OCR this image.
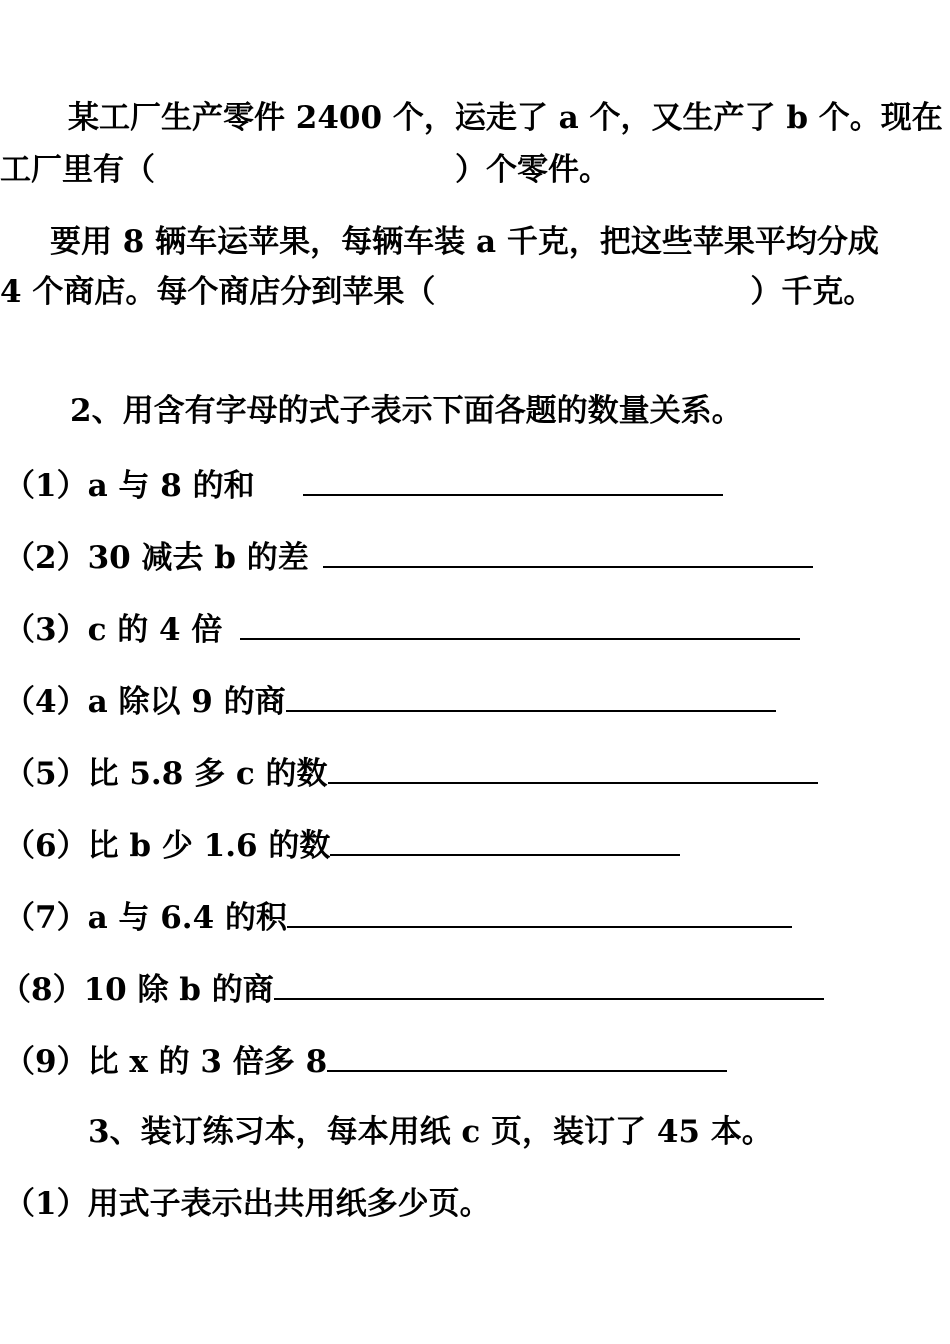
某工厂生产零件 2400 个，运走了 a 个，又生产了 b 个。现在
工厂里有（	）个零件。
要用 8 辆车运苹果，每辆车装 a 千克，把这些苹果平均分成
4 个商店。每个商店分到苹果（	）千克。
2、用含有字母的式子表示下面各题的数量关系。
（1）a 与 8 的和
（2）30 减去 b 的差
（3）c 的 4 倍
（4）a 除以 9 的商
（5）比 5.8 多 c 的数
（6）比 b 少 1.6 的数
（7）a 与 6.4 的积
（8）10 除 b 的商
（9）比 x 的 3 倍多 8
3、装订练习本，每本用纸 c 页，装订了 45 本。
（1）用式子表示出共用纸多少页。
